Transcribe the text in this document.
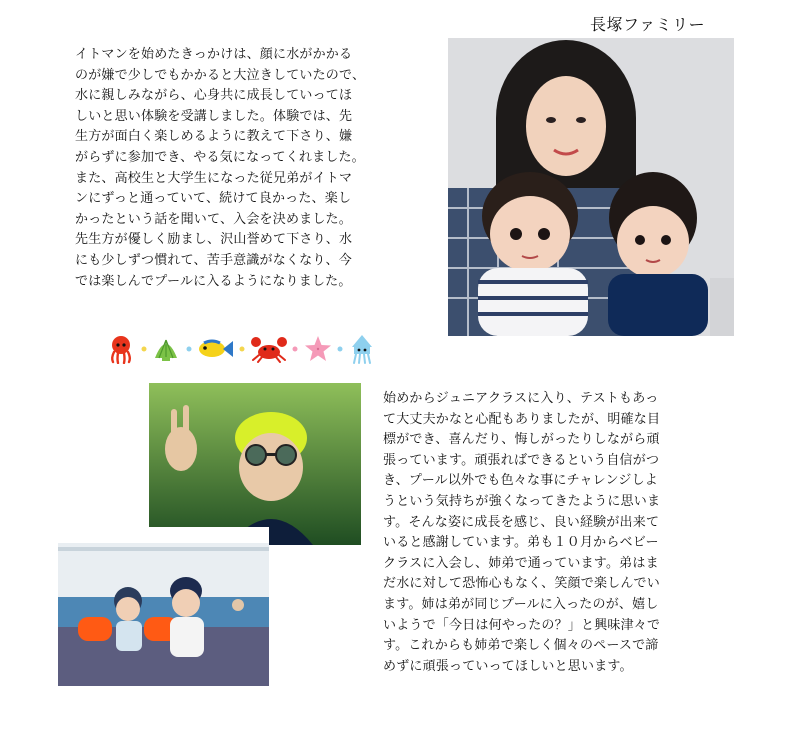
長塚ファミリー

イトマンを始めたきっかけは、顔に水がかかる
のが嫌で少しでもかかると大泣きしていたので、
水に親しみながら、心身共に成長していってほ
しいと思い体験を受講しました。体験では、先
生方が面白く楽しめるように教えて下さり、嫌
がらずに参加でき、やる気になってくれました。
また、高校生と大学生になった従兄弟がイトマ
ンにずっと通っていて、続けて良かった、楽し
かったという話を聞いて、入会を決めました。
先生方が優しく励まし、沢山誉めて下さり、水
にも少しずつ慣れて、苦手意識がなくなり、今
では楽しんでプールに入るようになりました。

始めからジュニアクラスに入り、テストもあっ
て大丈夫かなと心配もありましたが、明確な目
標ができ、喜んだり、悔しがったりしながら頑
張っています。頑張ればできるという自信がつ
き、プール以外でも色々な事にチャレンジしよ
うという気持ちが強くなってきたように思いま
す。そんな姿に成長を感じ、良い経験が出来て
いると感謝しています。弟も１０月からベビー
クラスに入会し、姉弟で通っています。弟はま
だ水に対して恐怖心もなく、笑顔で楽しんでい
ます。姉は弟が同じプールに入ったのが、嬉し
いようで「今日は何やったの？」と興味津々で
す。これからも姉弟で楽しく個々のペースで諦
めずに頑張っていってほしいと思います。
